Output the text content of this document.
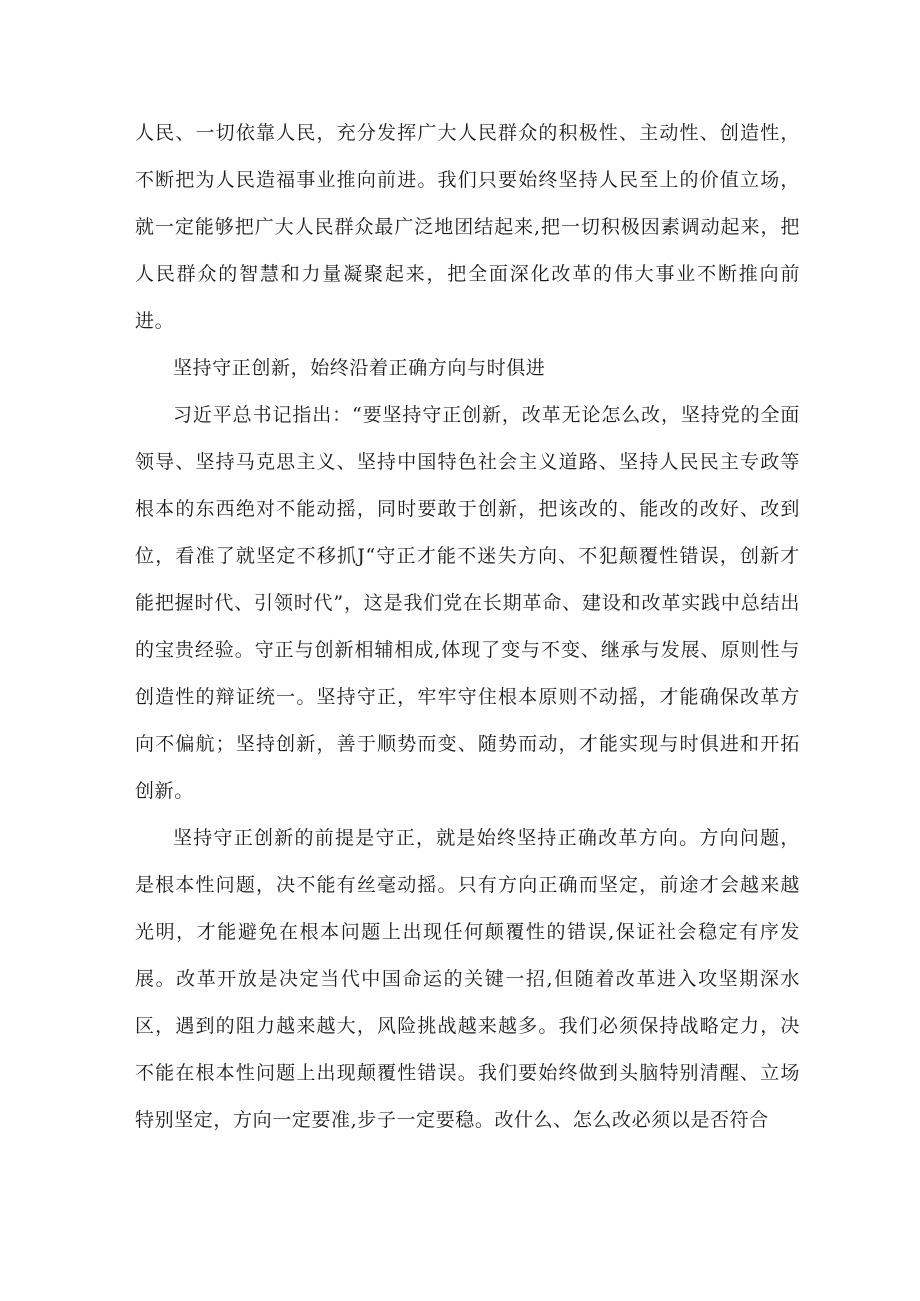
人民、一切依靠人民，充分发挥广大人民群众的积极性、主动性、创造性，不断把为人民造福事业推向前进。我们只要始终坚持人民至上的价值立场，就一定能够把广大人民群众最广泛地团结起来,把一切积极因素调动起来，把人民群众的智慧和力量凝聚起来，把全面深化改革的伟大事业不断推向前进。

坚持守正创新，始终沿着正确方向与时俱进

习近平总书记指出：“要坚持守正创新，改革无论怎么改，坚持党的全面领导、坚持马克思主义、坚持中国特色社会主义道路、坚持人民民主专政等根本的东西绝对不能动摇，同时要敢于创新，把该改的、能改的改好、改到位，看准了就坚定不移抓J“守正才能不迷失方向、不犯颠覆性错误，创新才能把握时代、引领时代”，这是我们党在长期革命、建设和改革实践中总结出的宝贵经验。守正与创新相辅相成,体现了变与不变、继承与发展、原则性与创造性的辩证统一。坚持守正，牢牢守住根本原则不动摇，才能确保改革方向不偏航；坚持创新，善于顺势而变、随势而动，才能实现与时俱进和开拓创新。

坚持守正创新的前提是守正，就是始终坚持正确改革方向。方向问题，是根本性问题，决不能有丝毫动摇。只有方向正确而坚定，前途才会越来越光明，才能避免在根本问题上出现任何颠覆性的错误,保证社会稳定有序发展。改革开放是决定当代中国命运的关键一招,但随着改革进入攻坚期深水区，遇到的阻力越来越大，风险挑战越来越多。我们必须保持战略定力，决不能在根本性问题上出现颠覆性错误。我们要始终做到头脑特别清醒、立场特别坚定，方向一定要准,步子一定要稳。改什么、怎么改必须以是否符合
